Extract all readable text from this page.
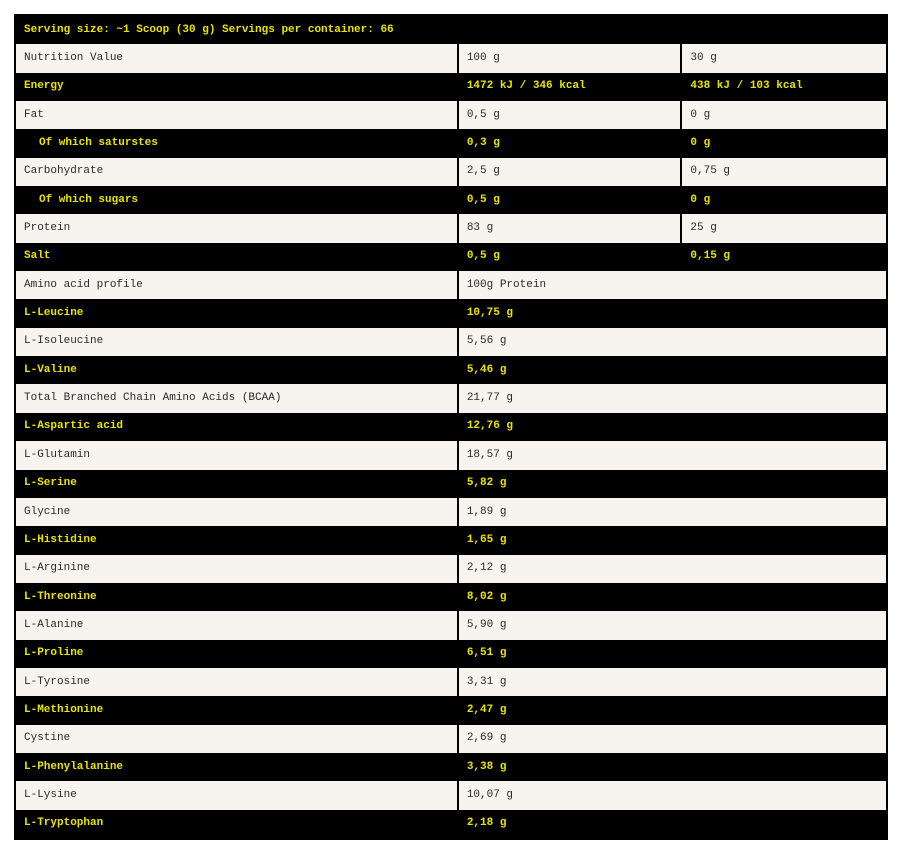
Serving size: ~1 Scoop (30 g) Servings per container: 66
Nutrition Value	100 g	30 g
Energy	1472 kJ / 346 kcal	438 kJ / 103 kcal
Fat	0,5 g	0 g
Of which saturstes	0,3 g	0 g
Carbohydrate	2,5 g	0,75 g
Of which sugars	0,5 g	0 g
Protein	83 g	25 g
Salt	0,5 g	0,15 g
Amino acid profile	100g Protein
L-Leucine	10,75 g
L-Isoleucine	5,56 g
L-Valine	5,46 g
Total Branched Chain Amino Acids (BCAA)	21,77 g
L-Aspartic acid	12,76 g
L-Glutamin	18,57 g
L-Serine	5,82 g
Glycine	1,89 g
L-Histidine	1,65 g
L-Arginine	2,12 g
L-Threonine	8,02 g
L-Alanine	5,90 g
L-Proline	6,51 g
L-Tyrosine	3,31 g
L-Methionine	2,47 g
Cystine	2,69 g
L-Phenylalanine	3,38 g
L-Lysine	10,07 g
L-Tryptophan	2,18 g
